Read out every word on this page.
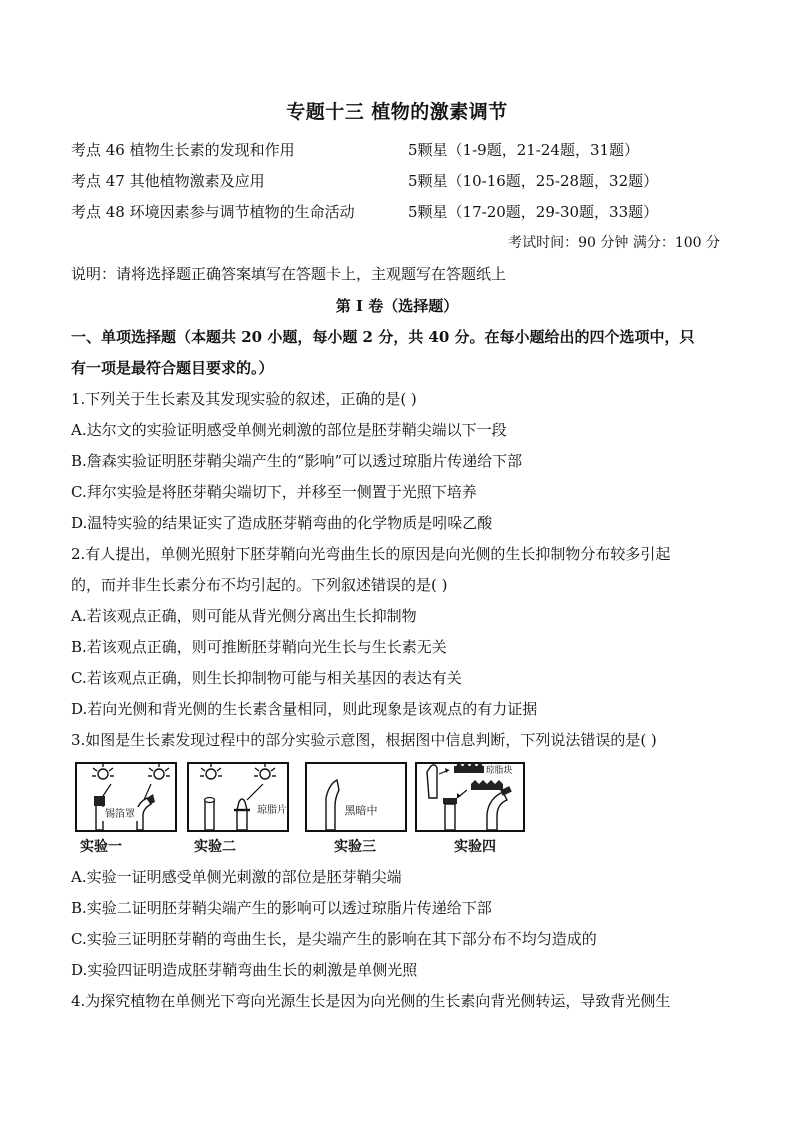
专题十三 植物的激素调节
考点 46 植物生长素的发现和作用	5颗星（1-9题，21-24题，31题）
考点 47 其他植物激素及应用	5颗星（10-16题，25-28题，32题）
考点 48 环境因素参与调节植物的生命活动	5颗星（17-20题，29-30题，33题）
考试时间：90 分钟 满分：100 分
说明：请将选择题正确答案填写在答题卡上，主观题写在答题纸上
第 I 卷（选择题）
一、单项选择题（本题共 20 小题，每小题 2 分，共 40 分。在每小题给出的四个选项中，只
有一项是最符合题目要求的。）
1.下列关于生长素及其发现实验的叙述，正确的是( )
A.达尔文的实验证明感受单侧光刺激的部位是胚芽鞘尖端以下一段
B.詹森实验证明胚芽鞘尖端产生的“影响”可以透过琼脂片传递给下部
C.拜尔实验是将胚芽鞘尖端切下，并移至一侧置于光照下培养
D.温特实验的结果证实了造成胚芽鞘弯曲的化学物质是吲哚乙酸
2.有人提出，单侧光照射下胚芽鞘向光弯曲生长的原因是向光侧的生长抑制物分布较多引起
的，而并非生长素分布不均引起的。下列叙述错误的是( )
A.若该观点正确，则可能从背光侧分离出生长抑制物
B.若该观点正确，则可推断胚芽鞘向光生长与生长素无关
C.若该观点正确，则生长抑制物可能与相关基因的表达有关
D.若向光侧和背光侧的生长素含量相同，则此现象是该观点的有力证据
3.如图是生长素发现过程中的部分实验示意图，根据图中信息判断，下列说法错误的是( )
锡箔罩	琼脂片	黑暗中
琼脂块
实验一	实验二	实验三	实验四
A.实验一证明感受单侧光刺激的部位是胚芽鞘尖端
B.实验二证明胚芽鞘尖端产生的影响可以透过琼脂片传递给下部
C.实验三证明胚芽鞘的弯曲生长，是尖端产生的影响在其下部分布不均匀造成的
D.实验四证明造成胚芽鞘弯曲生长的刺激是单侧光照
4.为探究植物在单侧光下弯向光源生长是因为向光侧的生长素向背光侧转运，导致背光侧生
